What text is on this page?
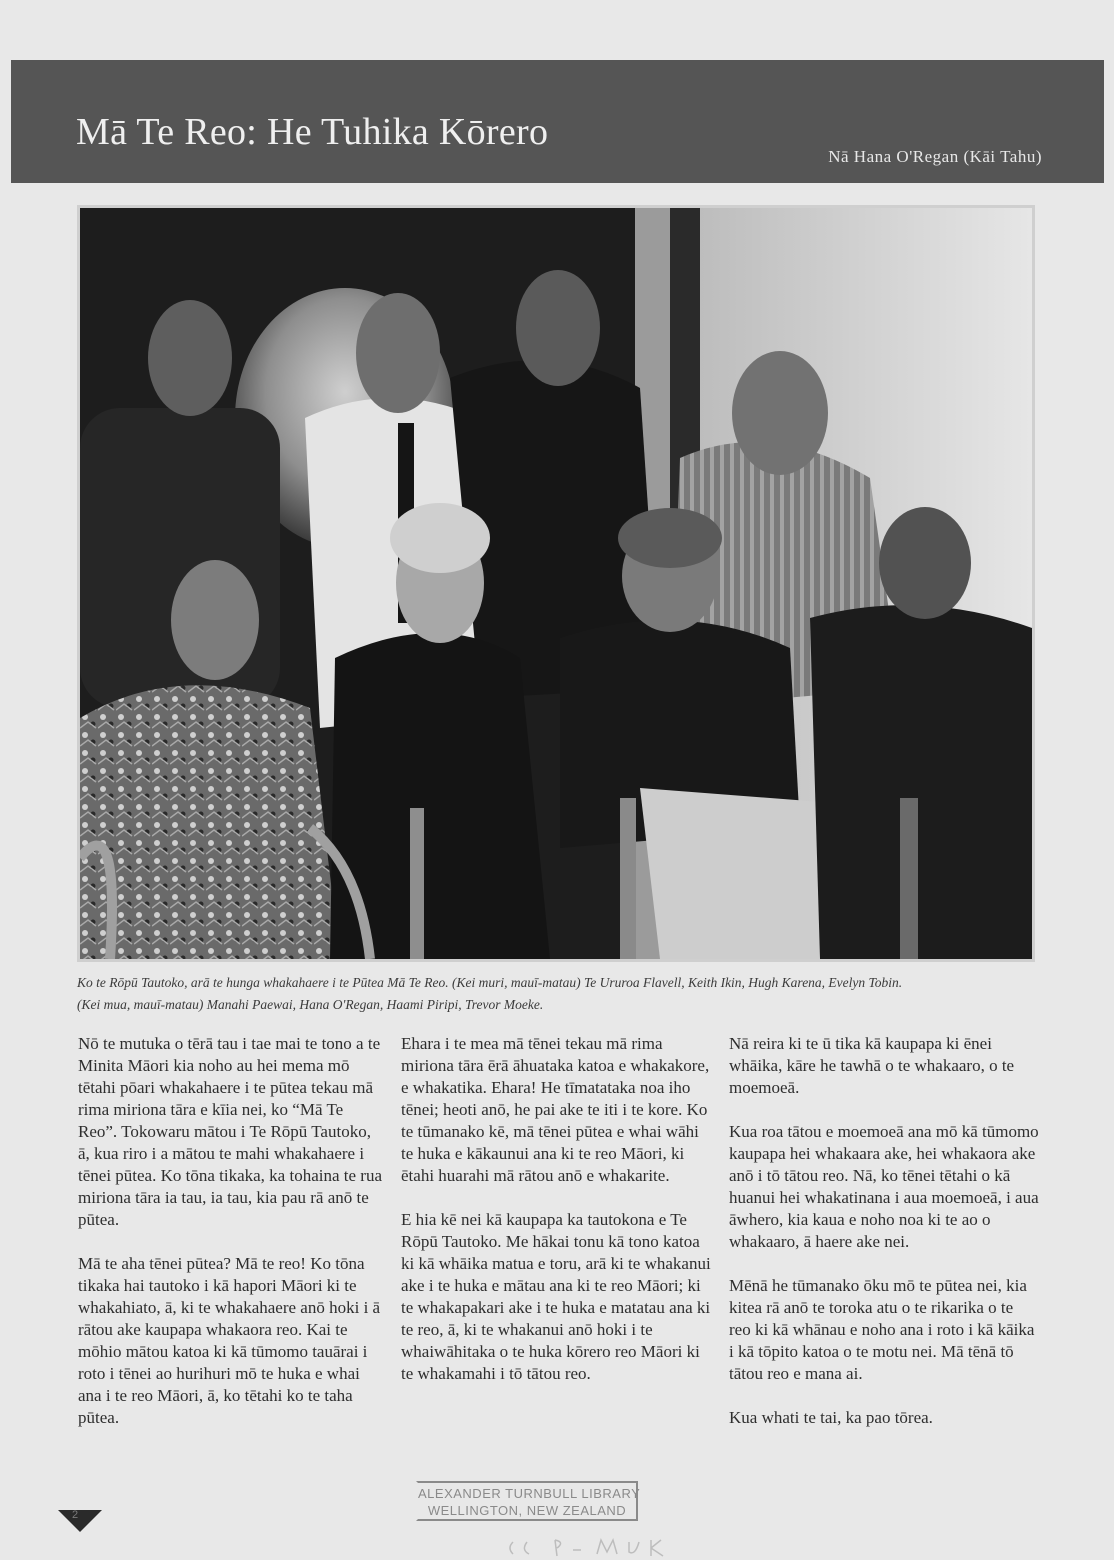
Mā Te Reo: He Tuhika Kōrero
Nā Hana O'Regan (Kāi Tahu)

Ko te Rōpū Tautoko, arā te hunga whakahaere i te Pūtea Mā Te Reo. (Kei muri, mauī-matau) Te Ururoa Flavell, Keith Ikin, Hugh Karena, Evelyn Tobin.

(Kei mua, mauī-matau) Manahi Paewai, Hana O'Regan, Haami Piripi, Trevor Moeke.

Nō te mutuka o tērā tau i tae mai te tono a te Minita Māori kia noho au hei mema mō tētahi pōari whakahaere i te pūtea tekau mā rima miriona tāra e kīia nei, ko “Mā Te Reo”. Tokowaru mātou i Te Rōpū Tautoko, ā, kua riro i a mātou te mahi whakahaere i tēnei pūtea. Ko tōna tikaka, ka tohaina te rua miriona tāra ia tau, ia tau, kia pau rā anō te pūtea.

Mā te aha tēnei pūtea? Mā te reo! Ko tōna tikaka hai tautoko i kā hapori Māori ki te whakahiato, ā, ki te whakahaere anō hoki i ā rātou ake kaupapa whakaora reo. Kai te mōhio mātou katoa ki kā tūmomo tauārai i roto i tēnei ao hurihuri mō te huka e whai ana i te reo Māori, ā, ko tētahi ko te taha pūtea.

Ehara i te mea mā tēnei tekau mā rima miriona tāra ērā āhuataka katoa e whakakore, e whakatika. Ehara! He tīmatataka noa iho tēnei; heoti anō, he pai ake te iti i te kore. Ko te tūmanako kē, mā tēnei pūtea e whai wāhi te huka e kākaunui ana ki te reo Māori, ki ētahi huarahi mā rātou anō e whakarite.

E hia kē nei kā kaupapa ka tautokona e Te Rōpū Tautoko. Me hākai tonu kā tono katoa ki kā whāika matua e toru, arā ki te whakanui ake i te huka e mātau ana ki te reo Māori; ki te whakapakari ake i te huka e matatau ana ki te reo, ā, ki te whakanui anō hoki i te whaiwāhitaka o te huka kōrero reo Māori ki te whakamahi i tō tātou reo.

Nā reira ki te ū tika kā kaupapa ki ēnei whāika, kāre he tawhā o te whakaaro, o te moemoeā.

Kua roa tātou e moemoeā ana mō kā tūmomo kaupapa hei whakaara ake, hei whakaora ake anō i tō tātou reo. Nā, ko tēnei tētahi o kā huanui hei whakatinana i aua moemoeā, i aua āwhero, kia kaua e noho noa ki te ao o whakaaro, ā haere ake nei.

Mēnā he tūmanako ōku mō te pūtea nei, kia kitea rā anō te toroka atu o te rikarika o te reo ki kā whānau e noho ana i roto i kā kāika i kā tōpito katoa o te motu nei. Mā tēnā tō tātou reo e mana ai.

Kua whati te tai, ka pao tōrea.

2
ALEXANDER TURNBULL LIBRARY
WELLINGTON, NEW ZEALAND
